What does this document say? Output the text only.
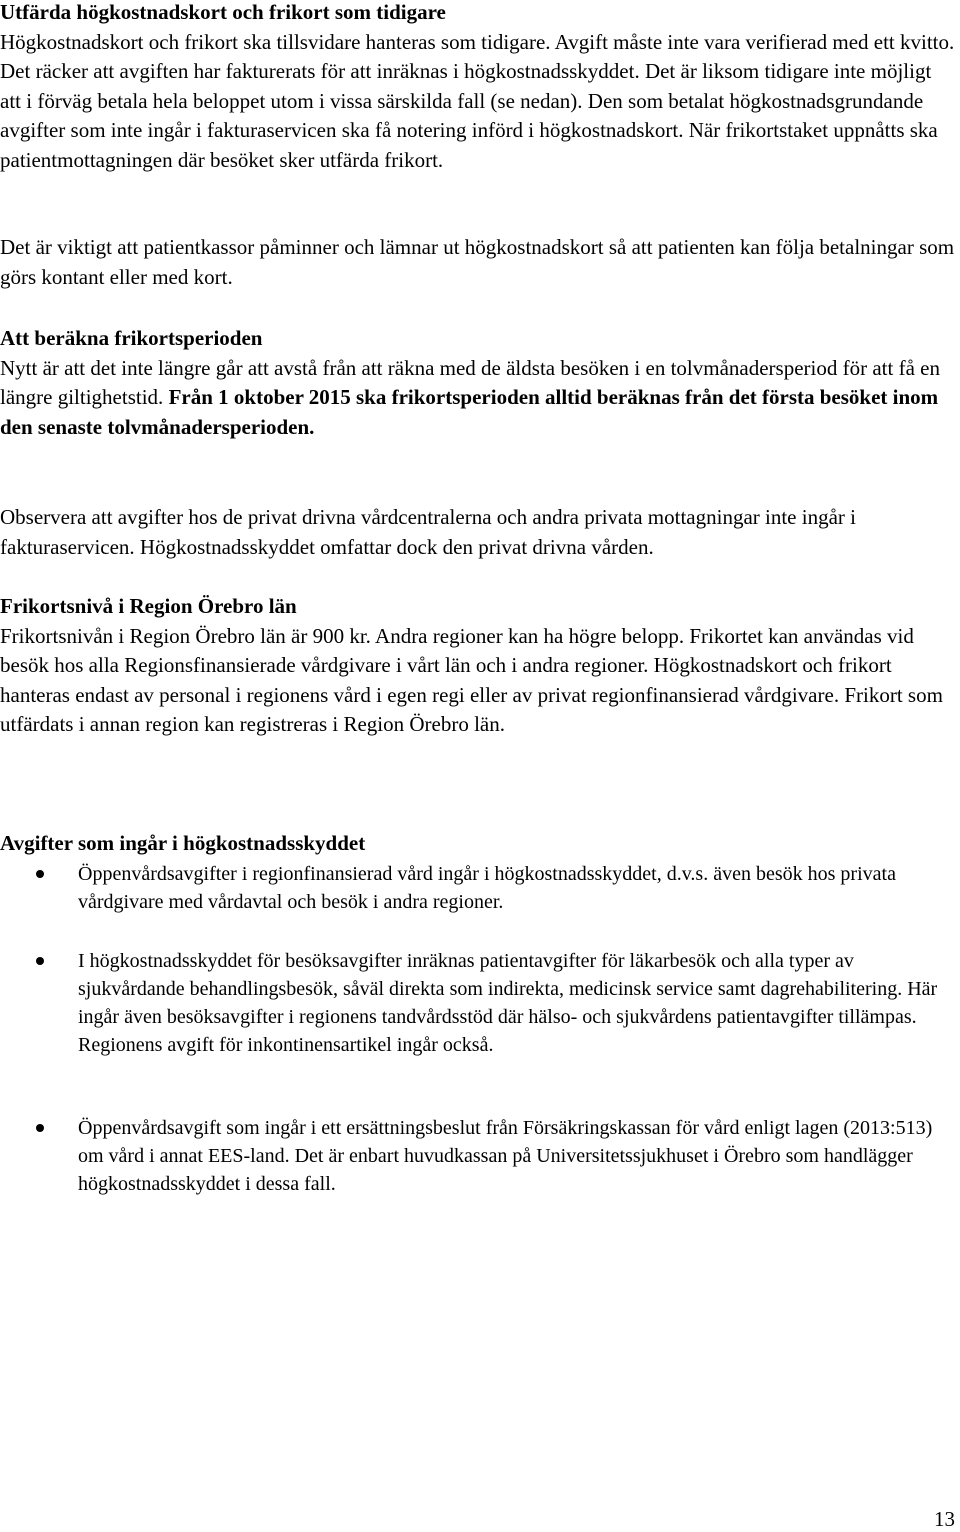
Utfärda högkostnadskort och frikort som tidigare

Högkostnadskort och frikort ska tillsvidare hanteras som tidigare. Avgift måste inte vara verifierad med ett kvitto. Det räcker att avgiften har fakturerats för att inräknas i högkostnadsskyddet. Det är liksom tidigare inte möjligt att i förväg betala hela beloppet utom i vissa särskilda fall (se nedan). Den som betalat högkostnadsgrundande avgifter som inte ingår i fakturaservicen ska få notering införd i högkostnadskort. När frikortstaket uppnåtts ska patientmottagningen där besöket sker utfärda frikort.

Det är viktigt att patientkassor påminner och lämnar ut högkostnadskort så att patienten kan följa betalningar som görs kontant eller med kort.

Att beräkna frikortsperioden

Nytt är att det inte längre går att avstå från att räkna med de äldsta besöken i en tolvmånadersperiod för att få en längre giltighetstid. Från 1 oktober 2015 ska frikortsperioden alltid beräknas från det första besöket inom den senaste tolvmånadersperioden.

Observera att avgifter hos de privat drivna vårdcentralerna och andra privata mottagningar inte ingår i fakturaservicen. Högkostnadsskyddet omfattar dock den privat drivna vården.

Frikortsnivå i Region Örebro län

Frikortsnivån i Region Örebro län är 900 kr. Andra regioner kan ha högre belopp. Frikortet kan användas vid besök hos alla Regionsfinansierade vårdgivare i vårt län och i andra regioner. Högkostnadskort och frikort hanteras endast av personal i regionens vård i egen regi eller av privat regionfinansierad vårdgivare. Frikort som utfärdats i annan region kan registreras i Region Örebro län.

Avgifter som ingår i högkostnadsskyddet
Öppenvårdsavgifter i regionfinansierad vård ingår i högkostnadsskyddet, d.v.s. även besök hos privata vårdgivare med vårdavtal och besök i andra regioner.
I högkostnadsskyddet för besöksavgifter inräknas patientavgifter för läkarbesök och alla typer av sjukvårdande behandlingsbesök, såväl direkta som indirekta, medicinsk service samt dagrehabilitering. Här ingår även besöksavgifter i regionens tandvårdsstöd där hälso- och sjukvårdens patientavgifter tillämpas. Regionens avgift för inkontinensartikel ingår också.
Öppenvårdsavgift som ingår i ett ersättningsbeslut från Försäkringskassan för vård enligt lagen (2013:513) om vård i annat EES-land. Det är enbart huvudkassan på Universitetssjukhuset i Örebro som handlägger högkostnadsskyddet i dessa fall.
13
